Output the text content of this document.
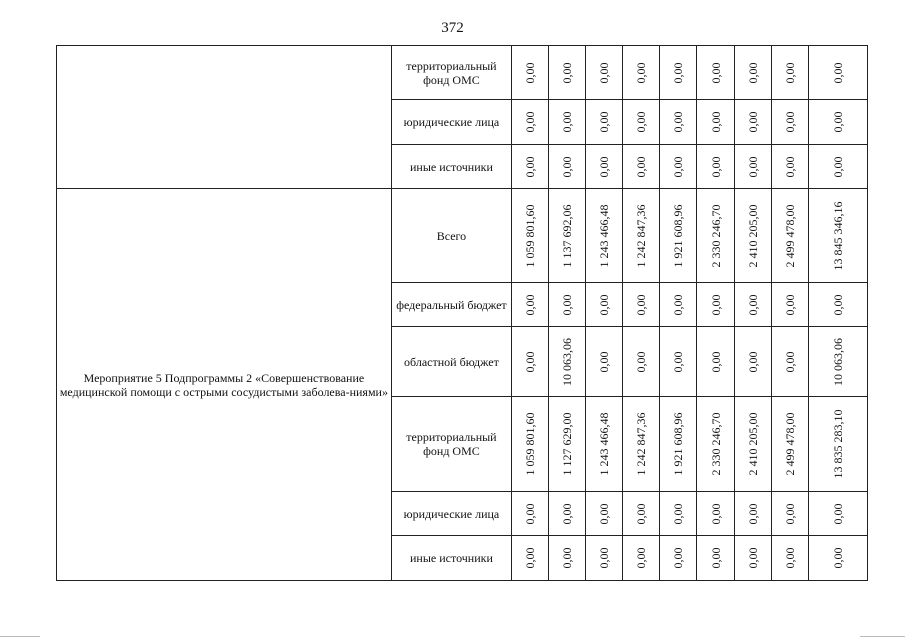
372
	территориальный фонд ОМС	0,00	0,00	0,00	0,00	0,00	0,00	0,00	0,00	0,00

	юридические лица	0,00	0,00	0,00	0,00	0,00	0,00	0,00	0,00	0,00

	иные источники	0,00	0,00	0,00	0,00	0,00	0,00	0,00	0,00	0,00

Мероприятие 5 Подпрограммы 2 «Совершенствование медицинской помощи с острыми сосудистыми заболева-ниями»	Всего	1 059 801,60	1 137 692,06	1 243 466,48	1 242 847,36	1 921 608,96	2 330 246,70	2 410 205,00	2 499 478,00	13 845 346,16

	федеральный бюджет	0,00	0,00	0,00	0,00	0,00	0,00	0,00	0,00	0,00

	областной бюджет	0,00	10 063,06	0,00	0,00	0,00	0,00	0,00	0,00	10 063,06

	территориальный фонд ОМС	1 059 801,60	1 127 629,00	1 243 466,48	1 242 847,36	1 921 608,96	2 330 246,70	2 410 205,00	2 499 478,00	13 835 283,10

	юридические лица	0,00	0,00	0,00	0,00	0,00	0,00	0,00	0,00	0,00

	иные источники	0,00	0,00	0,00	0,00	0,00	0,00	0,00	0,00	0,00
